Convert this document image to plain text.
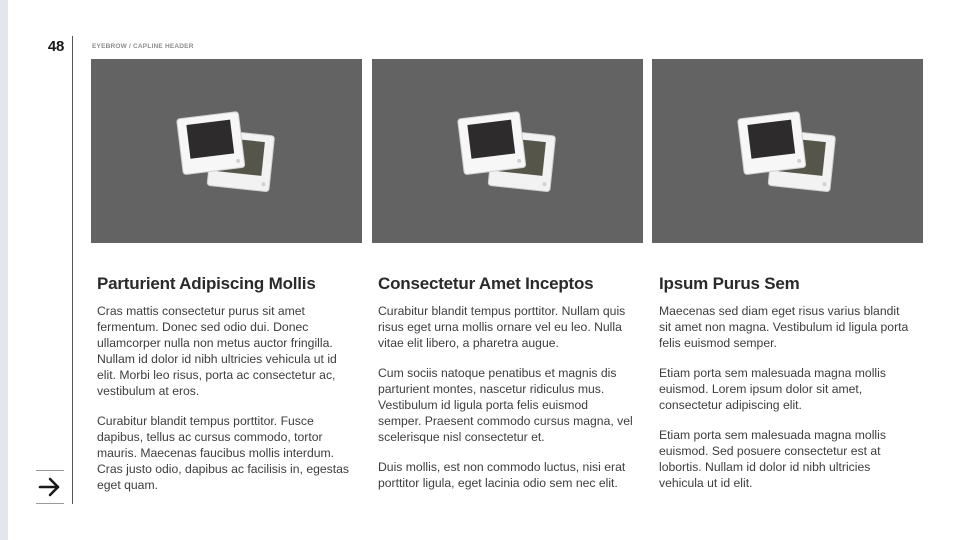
48	EYEBROW / CAPLINE HEADER
Parturient Adipiscing Mollis

Cras mattis consectetur purus sit amet fermentum. Donec sed odio dui. Donec ullamcorper nulla non metus auctor fringilla. Nullam id dolor id nibh ultricies vehicula ut id elit. Morbi leo risus, porta ac consectetur ac, vestibulum at eros.

Curabitur blandit tempus porttitor. Fusce dapibus, tellus ac cursus commodo, tortor mauris. Maecenas faucibus mollis interdum. Cras justo odio, dapibus ac facilisis in, egestas eget quam.

Consectetur Amet Inceptos

Curabitur blandit tempus porttitor. Nullam quis risus eget urna mollis ornare vel eu leo. Nulla vitae elit libero, a pharetra augue.

Cum sociis natoque penatibus et magnis dis parturient montes, nascetur ridiculus mus. Vestibulum id ligula porta felis euismod semper. Praesent commodo cursus magna, vel scelerisque nisl consectetur et.

Duis mollis, est non commodo luctus, nisi erat porttitor ligula, eget lacinia odio sem nec elit.

Ipsum Purus Sem

Maecenas sed diam eget risus varius blandit sit amet non magna. Vestibulum id ligula porta felis euismod semper.

Etiam porta sem malesuada magna mollis euismod. Lorem ipsum dolor sit amet, consectetur adipiscing elit.

Etiam porta sem malesuada magna mollis euismod. Sed posuere consectetur est at lobortis. Nullam id dolor id nibh ultricies vehicula ut id elit.
